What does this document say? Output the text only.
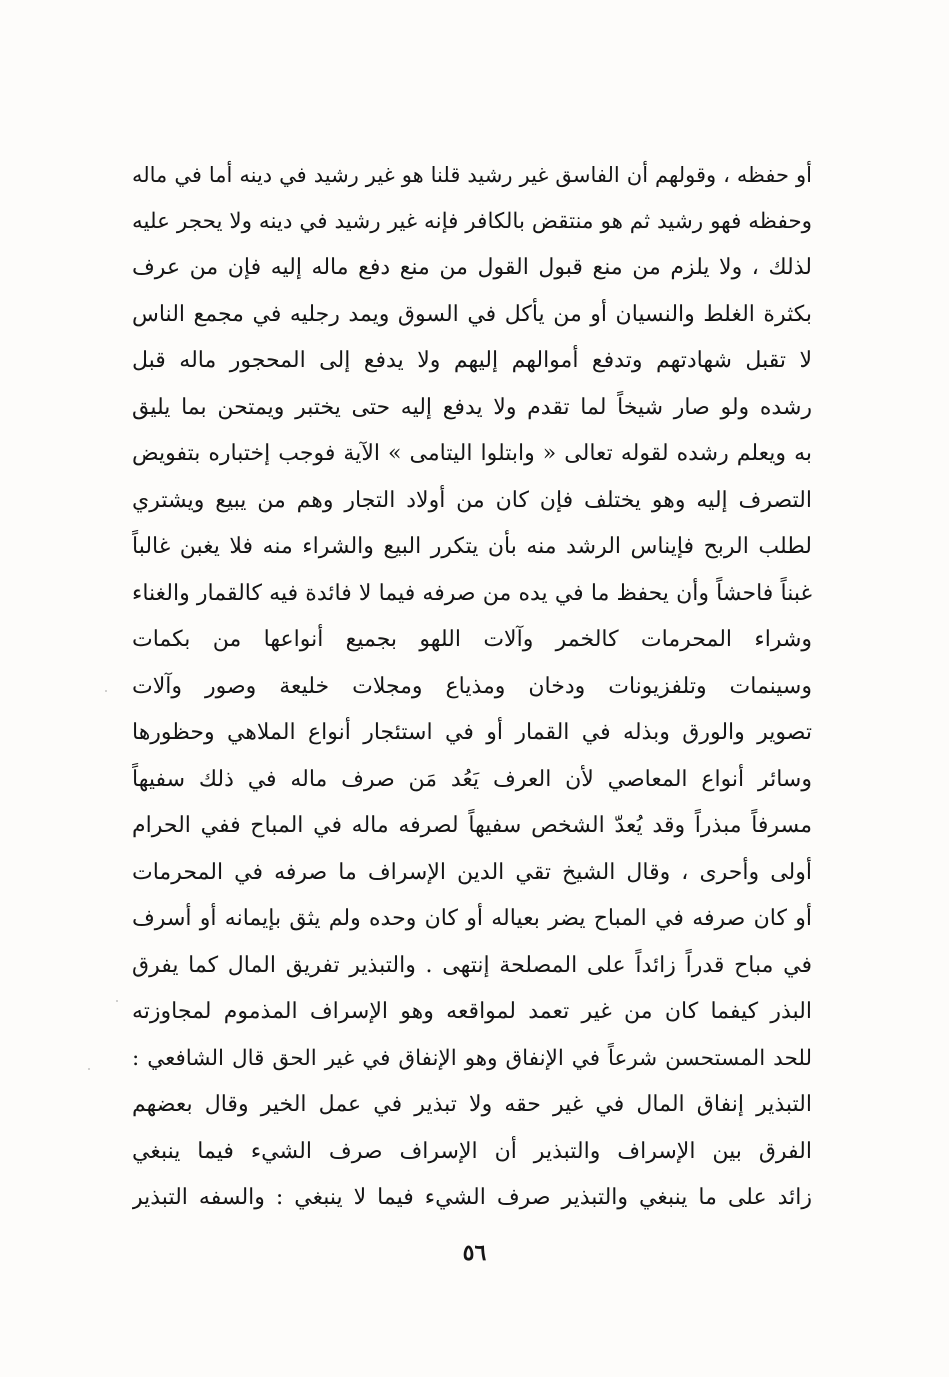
أو حفظه ، وقولهم أن الفاسق غير رشيد قلنا هو غير رشيد في دينه أما في ماله
وحفظه فهو رشيد ثم هو منتقض بالكافر فإنه غير رشيد في دينه ولا يحجر عليه
لذلك ، ولا يلزم من منع قبول القول من منع دفع ماله إليه فإن من عرف
بكثرة الغلط والنسيان أو من يأكل في السوق ويمد رجليه في مجمع الناس
لا تقبل شهادتهم وتدفع أموالهم إليهم ولا يدفع إلى المحجور ماله قبل
رشده ولو صار شيخاً لما تقدم ولا يدفع إليه حتى يختبر ويمتحن بما يليق
به ويعلم رشده لقوله تعالى « وابتلوا اليتامى » الآية فوجب إختباره بتفويض
التصرف إليه وهو يختلف فإن كان من أولاد التجار وهم من يبيع ويشتري
لطلب الربح فإيناس الرشد منه بأن يتكرر البيع والشراء منه فلا يغبن غالباً
غبناً فاحشاً وأن يحفظ ما في يده من صرفه فيما لا فائدة فيه كالقمار والغناء
وشراء المحرمات كالخمر وآلات اللهو بجميع أنواعها من بكمات
وسينمات وتلفزيونات ودخان ومذياع ومجلات خليعة وصور وآلات
تصوير والورق وبذله في القمار أو في استئجار أنواع الملاهي وحظورها
وسائر أنواع المعاصي لأن العرف يَعُد مَن صرف ماله في ذلك سفيهاً
مسرفاً مبذراً وقد يُعدّ الشخص سفيهاً لصرفه ماله في المباح ففي الحرام
أولى وأحرى ، وقال الشيخ تقي الدين الإسراف ما صرفه في المحرمات
أو كان صرفه في المباح يضر بعياله أو كان وحده ولم يثق بإيمانه أو أسرف
في مباح قدراً زائداً على المصلحة إنتهى . والتبذير تفريق المال كما يفرق
البذر كيفما كان من غير تعمد لمواقعه وهو الإسراف المذموم لمجاوزته
للحد المستحسن شرعاً في الإنفاق وهو الإنفاق في غير الحق قال الشافعي :
التبذير إنفاق المال في غير حقه ولا تبذير في عمل الخير وقال بعضهم
الفرق بين الإسراف والتبذير أن الإسراف صرف الشيء فيما ينبغي
زائد على ما ينبغي والتبذير صرف الشيء فيما لا ينبغي : والسفه التبذير
٥٦
